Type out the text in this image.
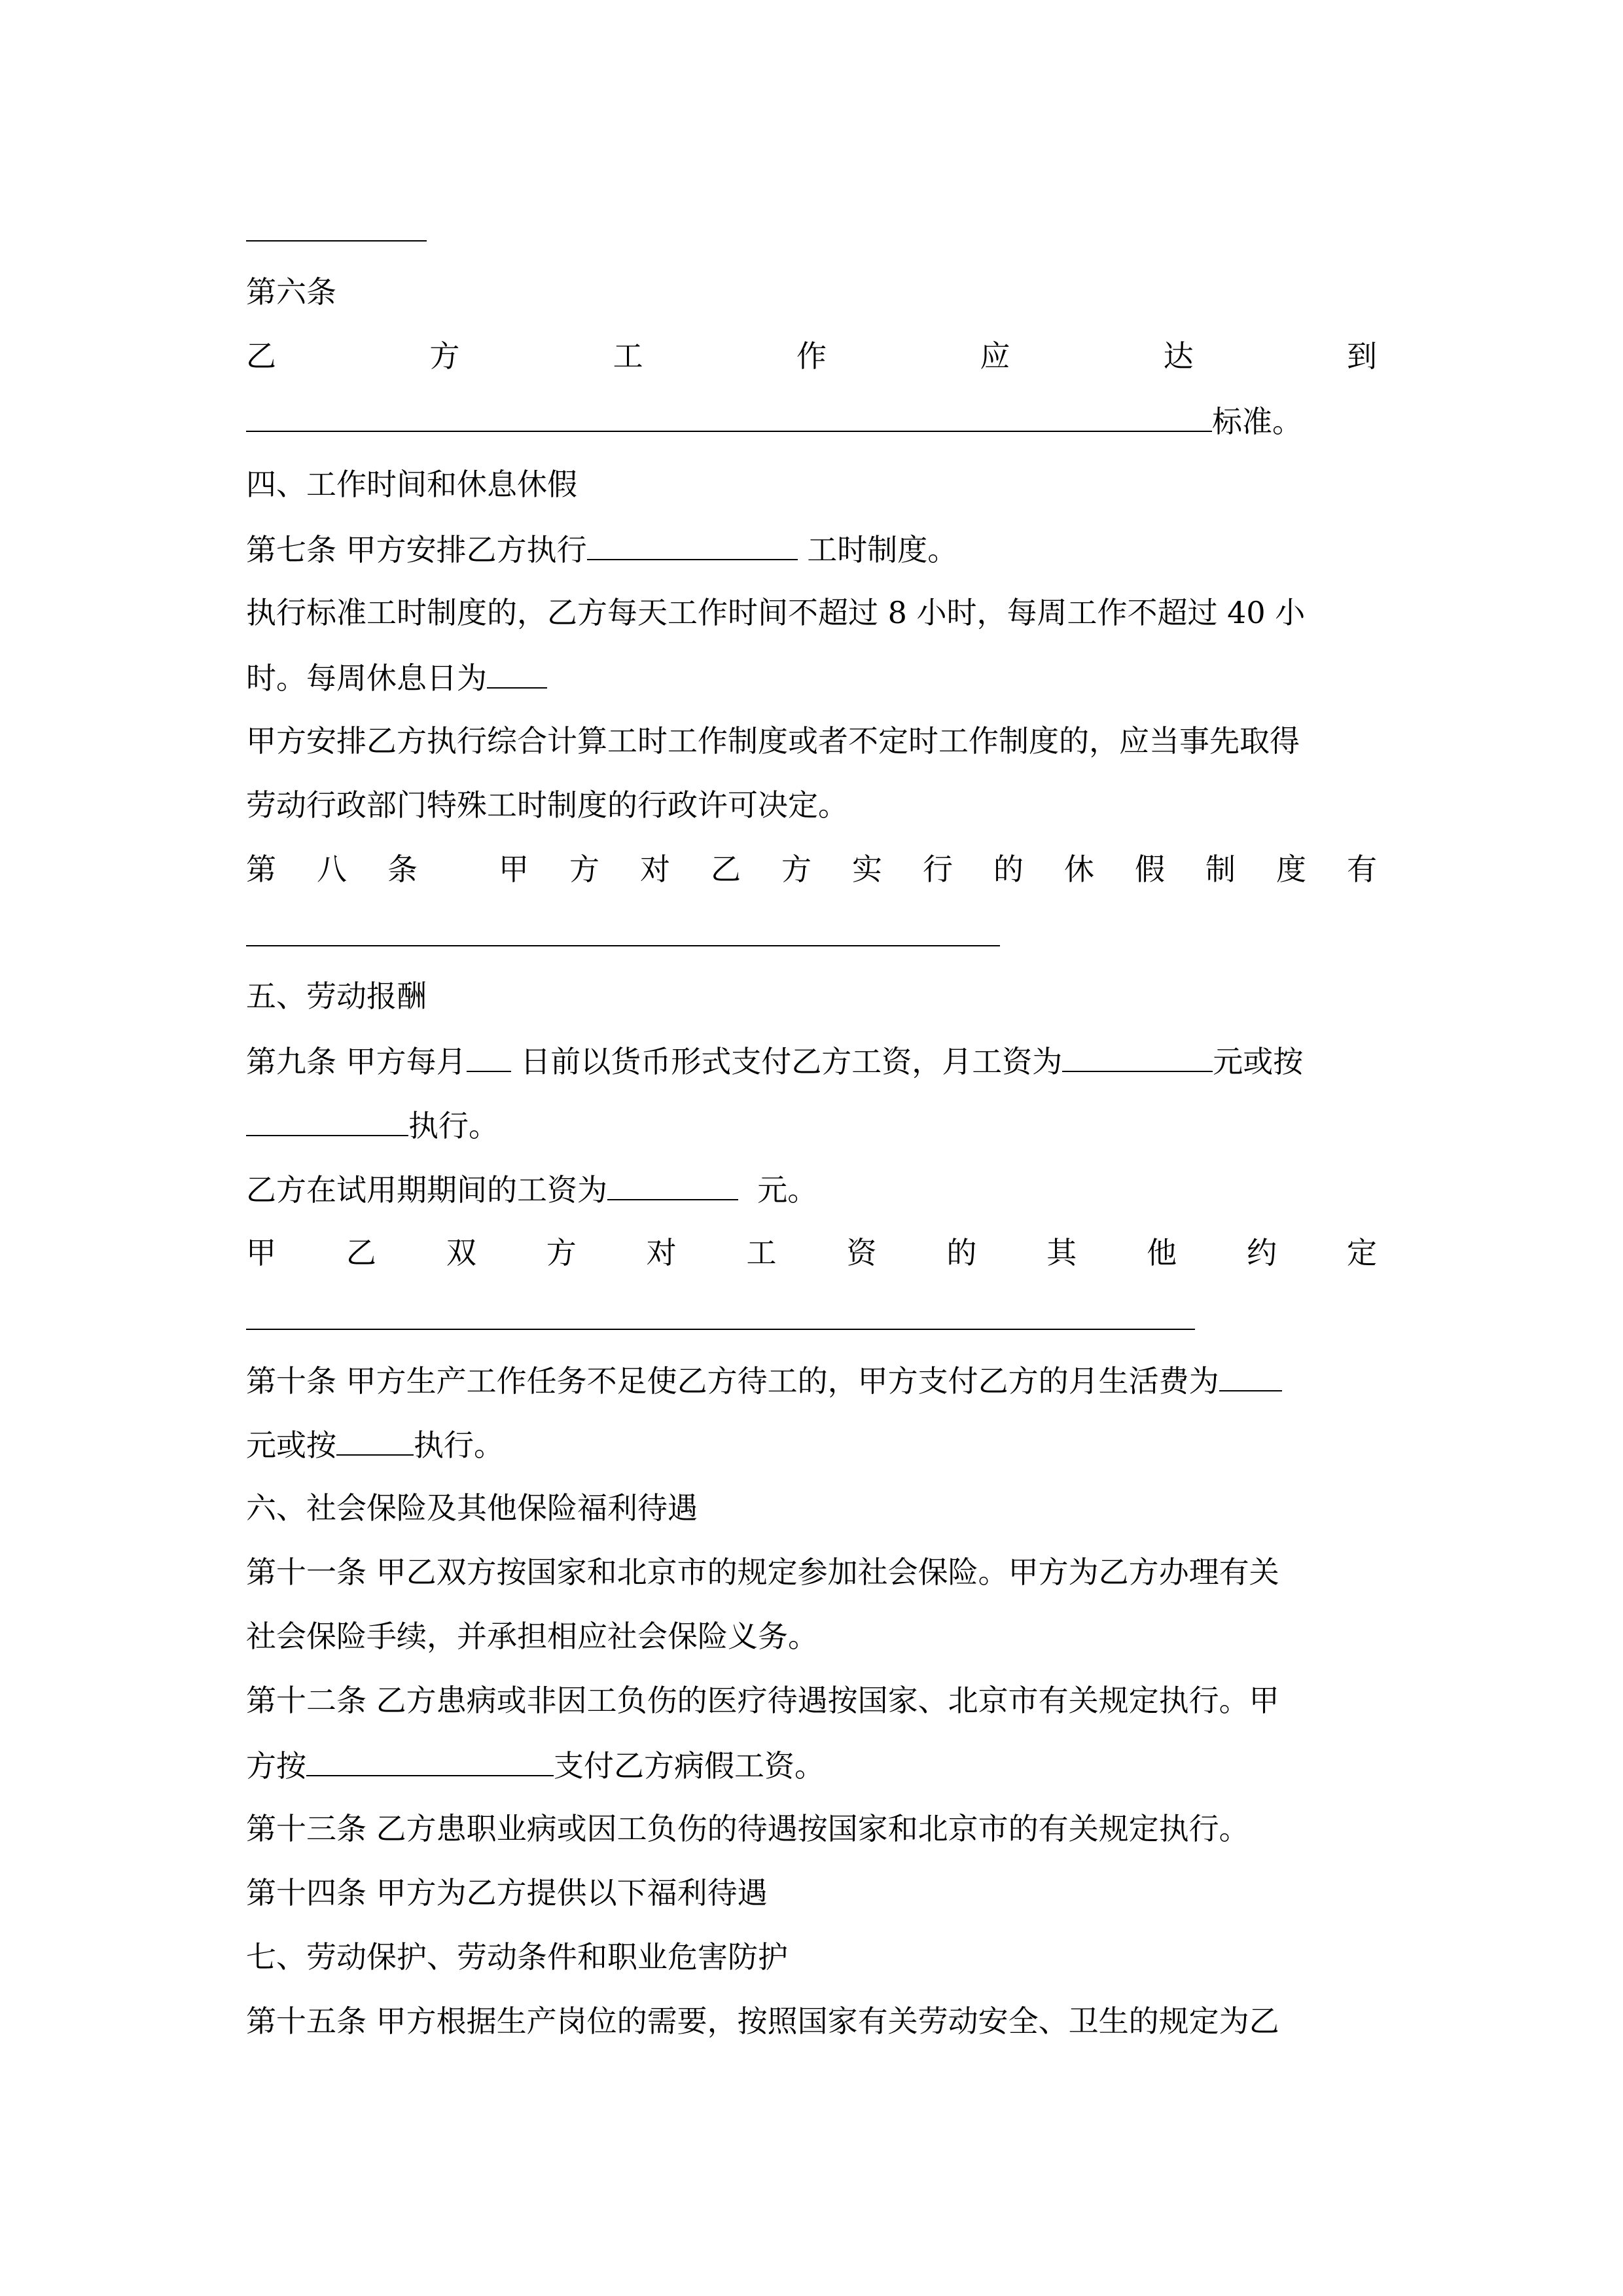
第六条
乙	方	工	作	应	达	到
标准。
四、工作时间和休息休假
第七条 甲方安排乙方执行	工时制度。
执行标准工时制度的，乙方每天工作时间不超过 8 小时，每周工作不超过 40 小
时。每周休息日为
甲方安排乙方执行综合计算工时工作制度或者不定时工作制度的，应当事先取得
劳动行政部门特殊工时制度的行政许可决定。
第 八 条	甲 方 对 乙 方 实 行 的 休 假 制 度 有
五、劳动报酬
第九条 甲方每月 日前以货币形式支付乙方工资，月工资为	元或按
执行。
乙方在试用期期间的工资为	元。
甲 乙 双 方 对 工 资 的 其 他 约 定
第十条 甲方生产工作任务不足使乙方待工的，甲方支付乙方的月生活费为
元或按	执行。
六、社会保险及其他保险福利待遇
第十一条 甲乙双方按国家和北京市的规定参加社会保险。甲方为乙方办理有关
社会保险手续，并承担相应社会保险义务。
第十二条 乙方患病或非因工负伤的医疗待遇按国家、北京市有关规定执行。甲
方按	支付乙方病假工资。
第十三条 乙方患职业病或因工负伤的待遇按国家和北京市的有关规定执行。
第十四条 甲方为乙方提供以下福利待遇
七、劳动保护、劳动条件和职业危害防护
第十五条 甲方根据生产岗位的需要，按照国家有关劳动安全、卫生的规定为乙
